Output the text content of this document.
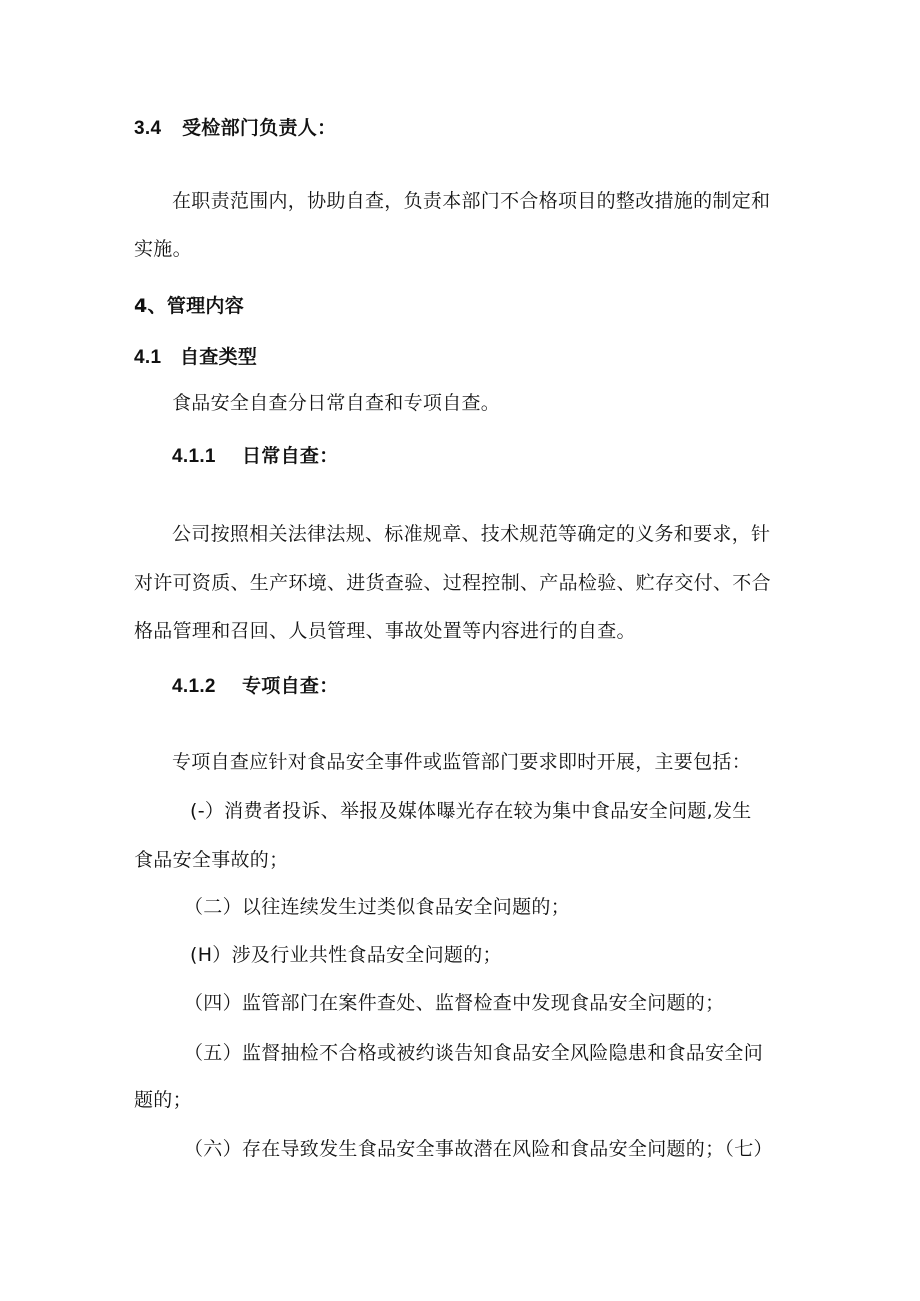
3.4 受检部门负责人：

在职责范围内，协助自查，负责本部门不合格项目的整改措施的制定和

实施。

4、管理内容

4.1 自查类型

食品安全自查分日常自查和专项自查。

4.1.1 日常自查：

公司按照相关法律法规、标准规章、技术规范等确定的义务和要求，针

对许可资质、生产环境、进货查验、过程控制、产品检验、贮存交付、不合

格品管理和召回、人员管理、事故处置等内容进行的自查。

4.1.2 专项自查：

专项自查应针对食品安全事件或监管部门要求即时开展，主要包括：

(-）消费者投诉、举报及媒体曝光存在较为集中食品安全问题,发生

食品安全事故的；

（二）以往连续发生过类似食品安全问题的；

(H）涉及行业共性食品安全问题的；

（四）监管部门在案件查处、监督检查中发现食品安全问题的；

（五）监督抽检不合格或被约谈告知食品安全风险隐患和食品安全问

题的；

（六）存在导致发生食品安全事故潜在风险和食品安全问题的；（七）
